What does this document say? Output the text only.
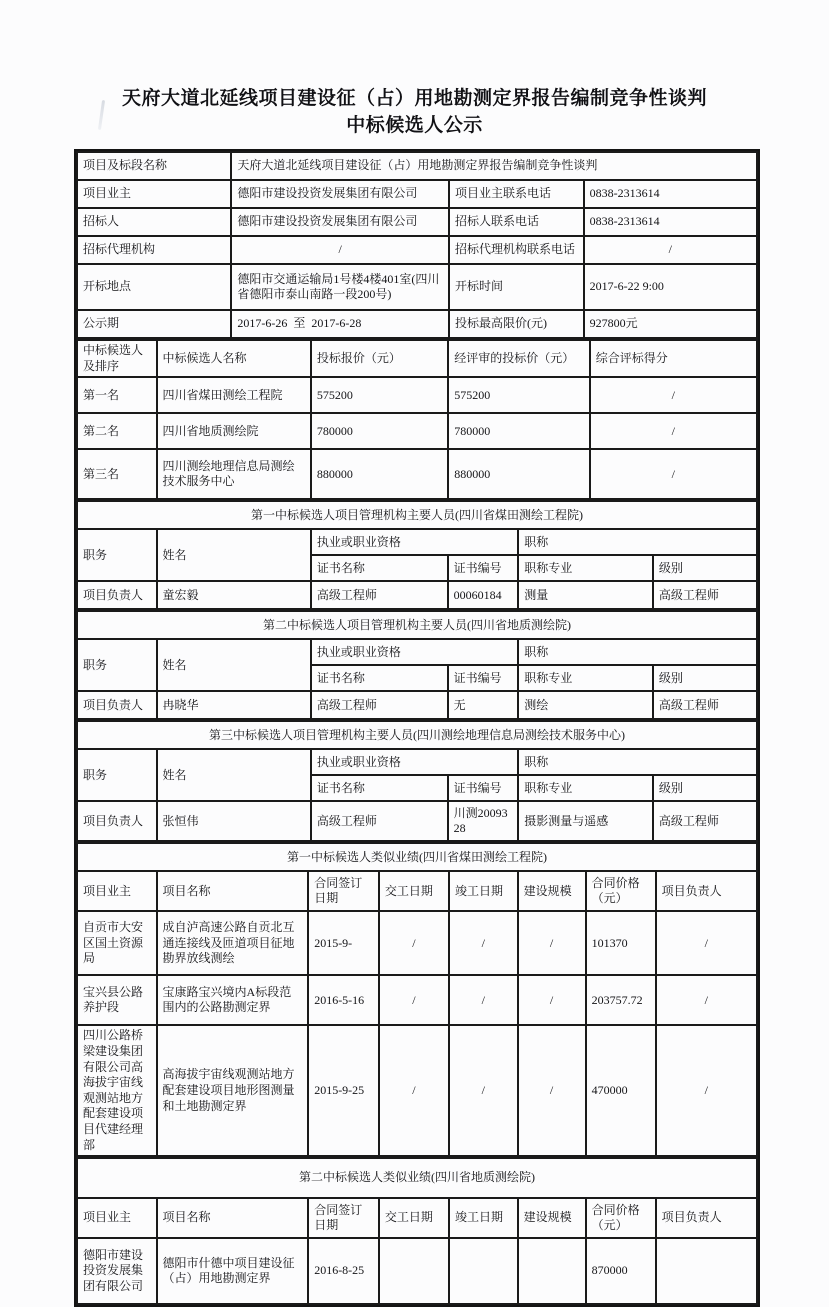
天府大道北延线项目建设征（占）用地勘测定界报告编制竞争性谈判
中标候选人公示
项目及标段名称	天府大道北延线项目建设征（占）用地勘测定界报告编制竞争性谈判		
项目业主	德阳市建设投资发展集团有限公司	项目业主联系电话	0838-2313614
招标人	德阳市建设投资发展集团有限公司	招标人联系电话	0838-2313614
招标代理机构	/	招标代理机构联系电话	/
开标地点	德阳市交通运输局1号楼4楼401室(四川省德阳市泰山南路一段200号)	开标时间	2017-6-22 9:00
公示期	2017-6-26  至  2017-6-28	投标最高限价(元)	927800元
中标候选人及排序	中标候选人名称	投标报价（元）	经评审的投标价（元）	综合评标得分
第一名	四川省煤田测绘工程院	575200	575200	/
第二名	四川省地质测绘院	780000	780000	/
第三名	四川测绘地理信息局测绘技术服务中心	880000	880000	/
第一中标候选人项目管理机构主要人员(四川省煤田测绘工程院)					
职务	姓名	执业或职业资格		职称	
		证书名称	证书编号	职称专业	级别
项目负责人	童宏毅	高级工程师	00060184	测量	高级工程师
第二中标候选人项目管理机构主要人员(四川省地质测绘院)					
职务	姓名	执业或职业资格		职称	
		证书名称	证书编号	职称专业	级别
项目负责人	冉晓华	高级工程师	无	测绘	高级工程师
第三中标候选人项目管理机构主要人员(四川测绘地理信息局测绘技术服务中心)					
职务	姓名	执业或职业资格		职称	
		证书名称	证书编号	职称专业	级别
项目负责人	张恒伟	高级工程师	川测2009328	摄影测量与遥感	高级工程师
第一中标候选人类似业绩(四川省煤田测绘工程院)							
项目业主	项目名称	合同签订日期	交工日期	竣工日期	建设规模	合同价格（元）	项目负责人
自贡市大安区国土资源局	成自泸高速公路自贡北互通连接线及匝道项目征地勘界放线测绘	2015-9-	/	/	/	101370	/
宝兴县公路养护段	宝康路宝兴境内A标段范围内的公路勘测定界	2016-5-16	/	/	/	203757.72	/
四川公路桥梁建设集团有限公司高海拔宇宙线观测站地方配套建设项目代建经理部	高海拔宇宙线观测站地方配套建设项目地形图测量和土地勘测定界	2015-9-25	/	/	/	470000	/
第二中标候选人类似业绩(四川省地质测绘院)							
项目业主	项目名称	合同签订日期	交工日期	竣工日期	建设规模	合同价格（元）	项目负责人
德阳市建设投资发展集团有限公司	德阳市什德中项目建设征（占）用地勘测定界	2016-8-25				870000	
